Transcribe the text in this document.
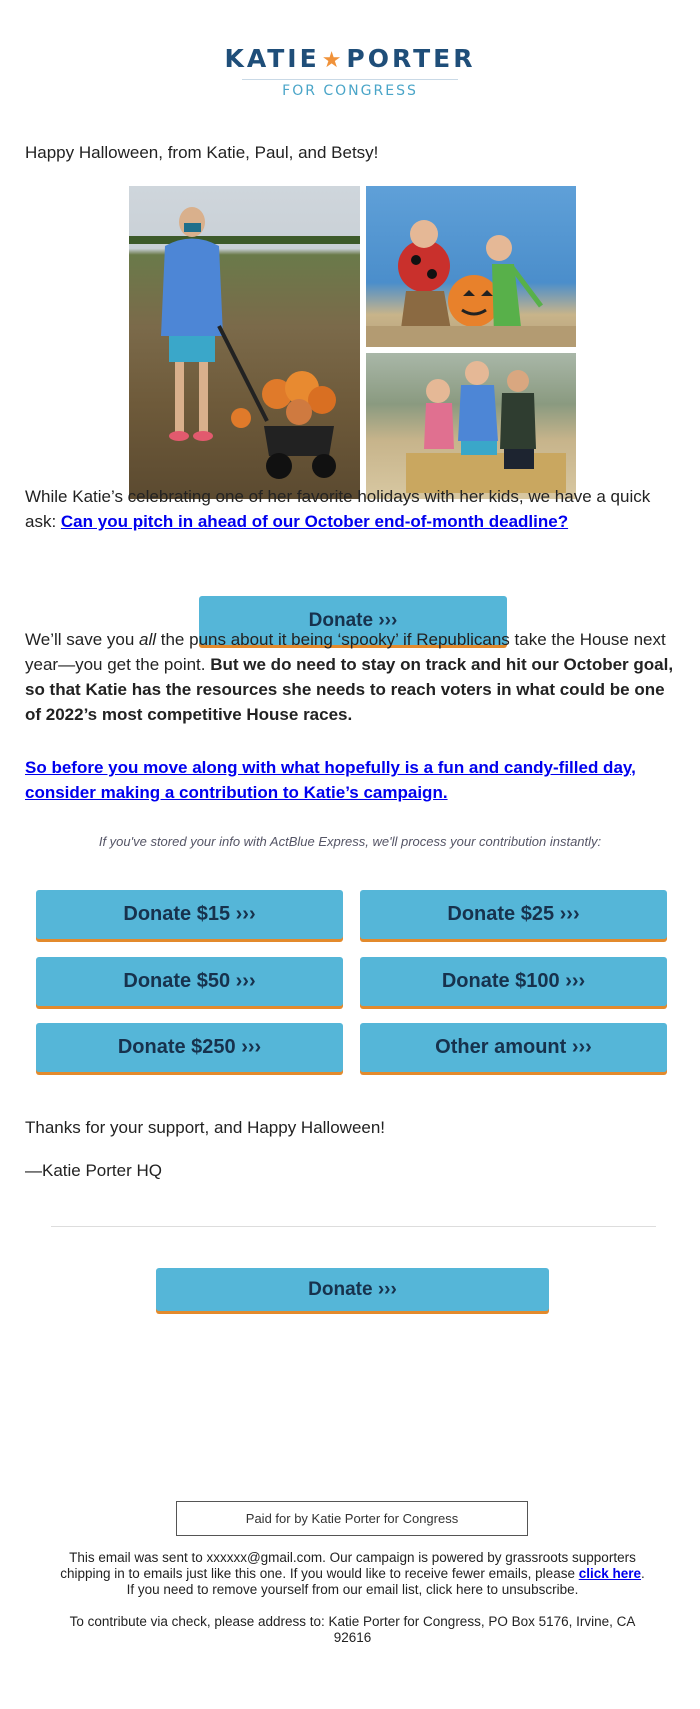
KATIE★PORTER
FOR CONGRESS

Happy Halloween, from Katie, Paul, and Betsy!

While Katie’s celebrating one of her favorite holidays with her kids, we have a quick ask: Can you pitch in ahead of our October end-of-month deadline?

Donate ›››

We’ll save you all the puns about it being ‘spooky’ if Republicans take the House next year—you get the point. But we do need to stay on track and hit our October goal, so that Katie has the resources she needs to reach voters in what could be one of 2022’s most competitive House races.

So before you move along with what hopefully is a fun and candy-filled day, consider making a contribution to Katie’s campaign.

If you've stored your info with ActBlue Express, we'll process your contribution instantly:
Donate $15 ›››	Donate $25 ›››
Donate $50 ›››	Donate $100 ›››
Donate $250 ›››	Other amount ›››

Thanks for your support, and Happy Halloween!

—Katie Porter HQ

Donate ›››
Paid for by Katie Porter for Congress
This email was sent to xxxxxx@gmail.com. Our campaign is powered by grassroots supporters chipping in to emails just like this one. If you would like to receive fewer emails, please click here. If you need to remove yourself from our email list, click here to unsubscribe.
To contribute via check, please address to: Katie Porter for Congress, PO Box 5176, Irvine, CA 92616
